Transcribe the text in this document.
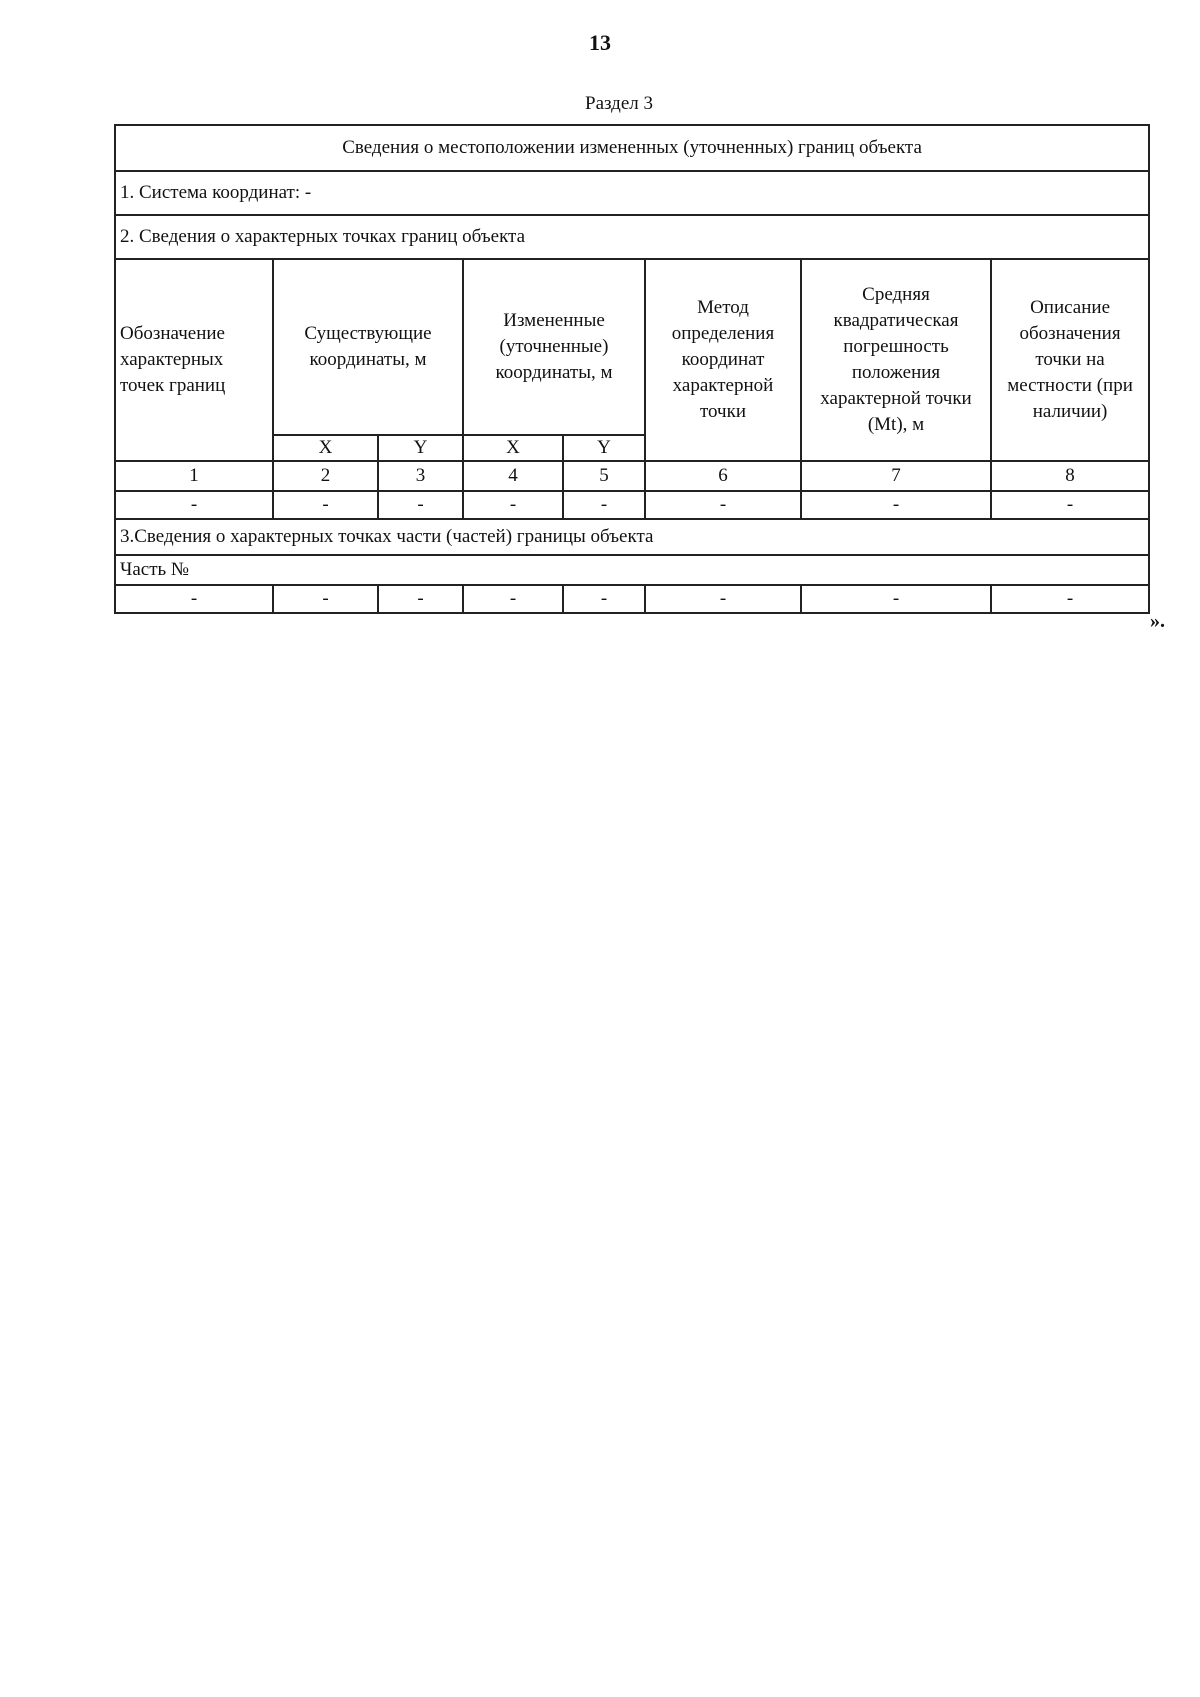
13
Раздел 3
Сведения о местоположении измененных (уточненных) границ объекта							
1. Система координат: -							
2. Сведения о характерных точках границ объекта							
Обозначение характерных точек границ	Существующие координаты, м		Измененные (уточненные) координаты, м		Метод определения координат характерной точки	Средняя квадратическая погрешность положения характерной точки (Mt), м	Описание обозначения точки на местности (при наличии)
	X	Y	X	Y			
1	2	3	4	5	6	7	8
-	-	-	-	-	-	-	-
3.Сведения о характерных точках части (частей) границы объекта							
Часть №							
-	-	-	-	-	-	-	-
».
